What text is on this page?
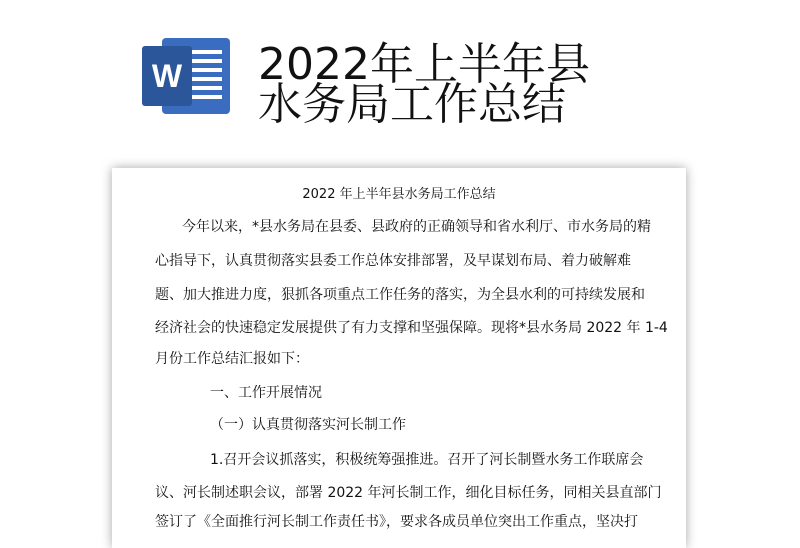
W 2022年上半年县
水务局工作总结
2022 年上半年县水务局工作总结
今年以来，*县水务局在县委、县政府的正确领导和省水利厅、市水务局的精
心指导下，认真贯彻落实县委工作总体安排部署，及早谋划布局、着力破解难
题、加大推进力度，狠抓各项重点工作任务的落实，为全县水利的可持续发展和
经济社会的快速稳定发展提供了有力支撑和坚强保障。现将*县水务局 2022 年 1-4
月份工作总结汇报如下：
一、工作开展情况
（一）认真贯彻落实河长制工作
1.召开会议抓落实，积极统筹强推进。召开了河长制暨水务工作联席会
议、河长制述职会议，部署 2022 年河长制工作，细化目标任务，同相关县直部门
签订了《全面推行河长制工作责任书》，要求各成员单位突出工作重点，坚决打
